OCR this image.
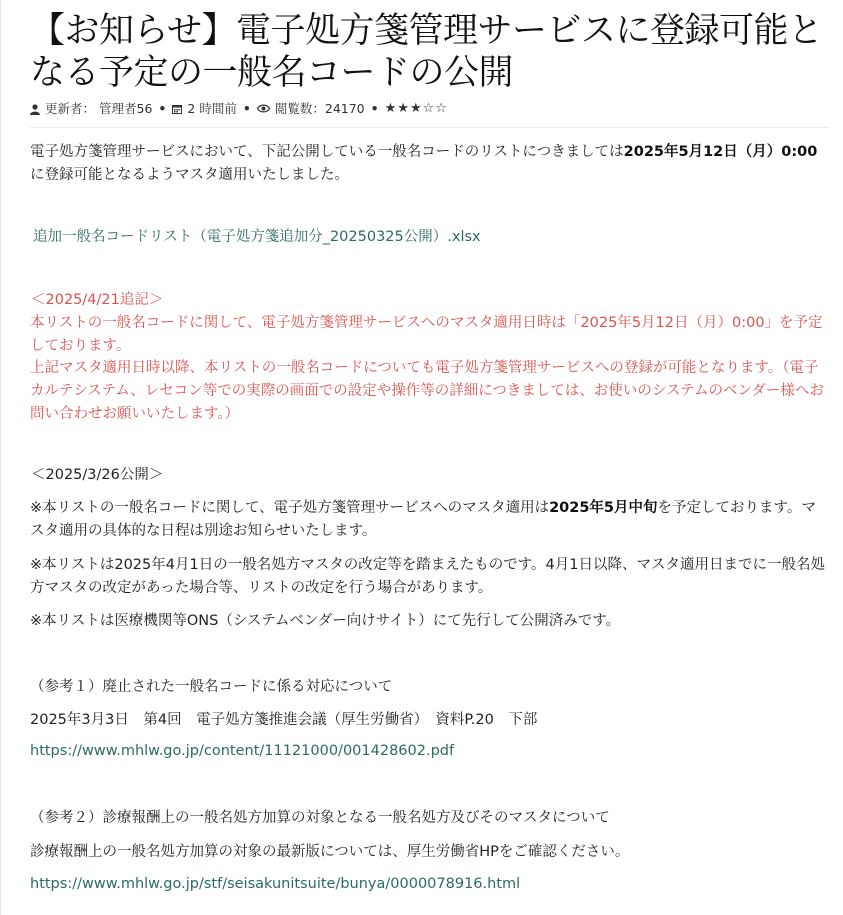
【お知らせ】電子処方箋管理サービスに登録可能となる予定の一般名コードの公開
更新者： 管理者56 • 2 時間前 • 閲覧数： 24170 • ★★★☆☆

電子処方箋管理サービスにおいて、下記公開している一般名コードのリストにつきましては2025年5月12日（月）0:00に登録可能となるようマスタ適用いたしました。

追加一般名コードリスト（電子処方箋追加分_20250325公開）.xlsx

＜2025/4/21追記＞

本リストの一般名コードに関して、電子処方箋管理サービスへのマスタ適用日時は「2025年5月12日（月）0:00」を予定しております。

上記マスタ適用日時以降、本リストの一般名コードについても電子処方箋管理サービスへの登録が可能となります。（電子カルテシステム、レセコン等での実際の画面での設定や操作等の詳細につきましては、お使いのシステムのベンダー様へお問い合わせお願いいたします。）

＜2025/3/26公開＞

※本リストの一般名コードに関して、電子処方箋管理サービスへのマスタ適用は2025年5月中旬を予定しております。マスタ適用の具体的な日程は別途お知らせいたします。

※本リストは2025年4月1日の一般名処方マスタの改定等を踏まえたものです。4月1日以降、マスタ適用日までに一般名処方マスタの改定があった場合等、リストの改定を行う場合があります。

※本リストは医療機関等ONS（システムベンダー向けサイト）にて先行して公開済みです。

（参考１）廃止された一般名コードに係る対応について

2025年3月3日　第4回　電子処方箋推進会議（厚生労働省）　資料P.20　下部

https://www.mhlw.go.jp/content/11121000/001428602.pdf

（参考２）診療報酬上の一般名処方加算の対象となる一般名処方及びそのマスタについて

診療報酬上の一般名処方加算の対象の最新版については、厚生労働省HPをご確認ください。

https://www.mhlw.go.jp/stf/seisakunitsuite/bunya/0000078916.html
